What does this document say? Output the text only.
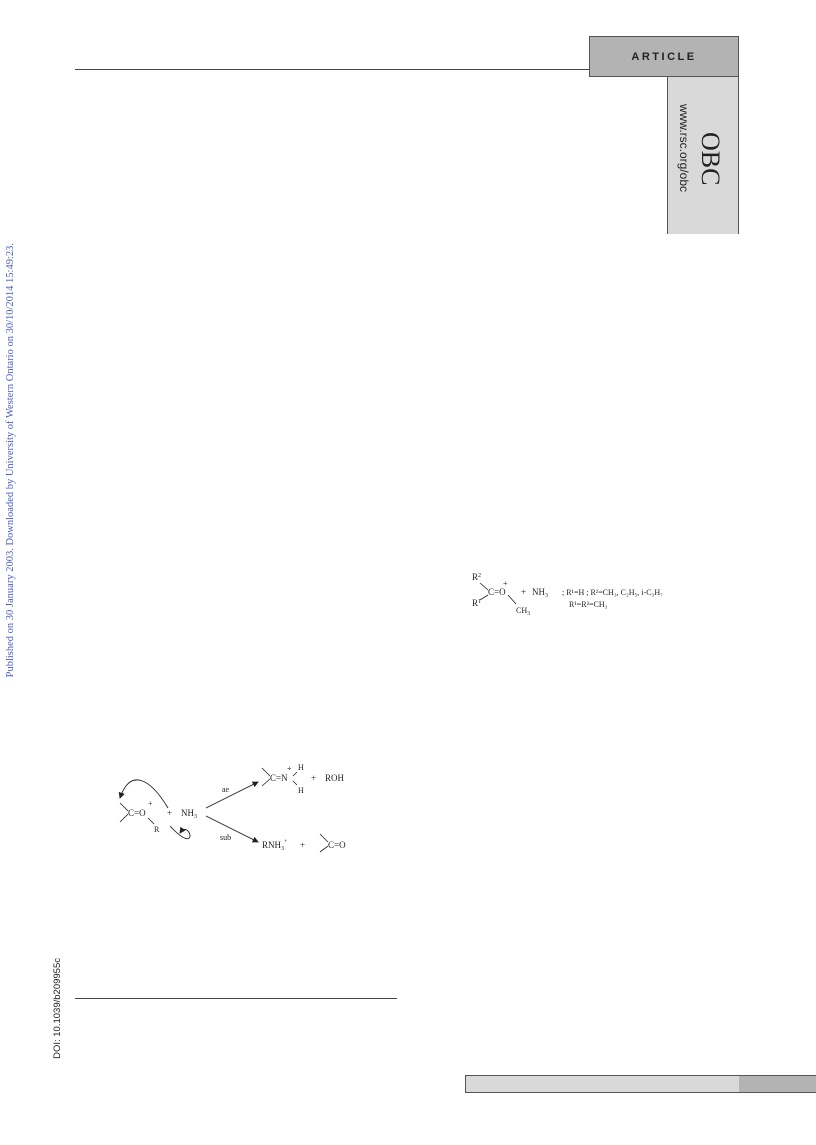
ARTICLE
OBC
www.rsc.org/obc
Published on 30 January 2003. Downloaded by University of Western Ontario on 30/10/2014 15:49:23.
DOI: 10.1039/b209955c
$R^2$
C=O
$R^1$
+
$CH_3$
+ $NH_3$ ; R¹=H ; R²=CH₃, C₂H₅, i-C₃H₇
R¹=R²=CH₃
C=O
+
R
+ $NH_3$
ae
sub
C=N
+ H
H
+ ROH
$RNH_3^+$ +	C=O
